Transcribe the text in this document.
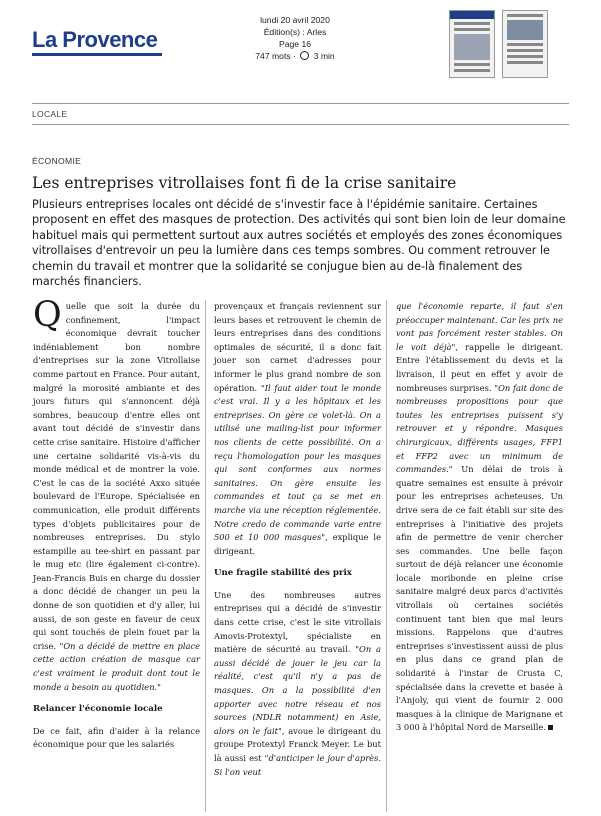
La Provence
lundi 20 avril 2020
Édition(s) : Arles
Page 16
747 mots · 3 min
LOCALE
ÉCONOMIE
Les entreprises vitrollaises font fi de la crise sanitaire

Plusieurs entreprises locales ont décidé de s'investir face à l'épidémie sanitaire. Certaines proposent en effet des masques de protection. Des activités qui sont bien loin de leur domaine habituel mais qui permettent surtout aux autres sociétés et employés des zones économiques vitrollaises d'entrevoir un peu la lumière dans ces temps sombres. Ou comment retrouver le chemin du travail et montrer que la solidarité se conjugue bien au de-là finalement des marchés financiers.

Quelle que soit la durée du confinement, l'impact économique devrait toucher indéniablement bon nombre d'entreprises sur la zone Vitrollaise comme partout en France. Pour autant, malgré la morosité ambiante et des jours futurs qui s'annoncent déjà sombres, beaucoup d'entre elles ont avant tout décidé de s'investir dans cette crise sanitaire. Histoire d'afficher une certaine solidarité vis-à-vis du monde médical et de montrer la voie. C'est le cas de la société Axxo située boulevard de l'Europe. Spécialisée en communication, elle produit différents types d'objets publicitaires pour de nombreuses entreprises. Du stylo estampille au tee-shirt en passant par le mug etc (lire également ci-contre). Jean-Francis Buis en charge du dossier a donc décidé de changer un peu la donne de son quotidien et d'y aller, lui aussi, de son geste en faveur de ceux qui sont touchés de plein fouet par la crise. "On a décidé de mettre en place cette action création de masque car c'est vraiment le produit dont tout le monde a besoin au quotidien."

Relancer l'économie locale

De ce fait, afin d'aider à la relance économique pour que les salariés

provençaux et français reviennent sur leurs bases et retrouvent le chemin de leurs entreprises dans des conditions optimales de sécurité, il a donc fait jouer son carnet d'adresses pour informer le plus grand nombre de son opération. "Il faut aider tout le monde c'est vrai. Il y a les hôpitaux et les entreprises. On gère ce volet-là. On a utilisé une mailing-list pour informer nos clients de cette possibilité. On a reçu l'homologation pour les masques qui sont conformes aux normes sanitaires. On gère ensuite les commandes et tout ça se met en marche via une réception réglementée. Notre credo de commande varie entre 500 et 10 000 masques", explique le dirigeant.

Une fragile stabilité des prix

Une des nombreuses autres entreprises qui a décidé de s'investir dans cette crise, c'est le site vitrollais Amovis-Protextyl, spécialiste en matière de sécurité au travail. "On a aussi décidé de jouer le jeu car la réalité, c'est qu'il n'y a pas de masques. On a la possibilité d'en apporter avec notre réseau et nos sources (NDLR notamment) en Asie, alors on le fait", avoue le dirigeant du groupe Protextyl Franck Meyer. Le but là aussi est "d'anticiper le jour d'après. Si l'on veut

que l'économie reparte, il faut s'en préoccuper maintenant. Car les prix ne vont pas forcément rester stables. On le voit déjà", rappelle le dirigeant. Entre l'établissement du devis et la livraison, il peut en effet y avoir de nombreuses surprises. "On fait donc de nombreuses propositions pour que toutes les entreprises puissent s'y retrouver et y répondre. Masques chirurgicaux, différents usages, FFP1 et FFP2 avec un minimum de commandes." Un délai de trois à quatre semaines est ensuite à prévoir pour les entreprises acheteuses. Un drive sera de ce fait établi sur site des entreprises à l'initiative des projets afin de permettre de venir chercher ses commandes. Une belle façon surtout de déjà relancer une économie locale moribonde en pleine crise sanitaire malgré deux parcs d'activités vitrollais où certaines sociétés continuent tant bien que mal leurs missions. Rappelons que d'autres entreprises s'investissent aussi de plus en plus dans ce grand plan de solidarité à l'instar de Crusta C, spécialisée dans la crevette et basée à l'Anjoly, qui vient de fournir 2 000 masques à la clinique de Marignane et 3 000 à l'hôpital Nord de Marseille.
